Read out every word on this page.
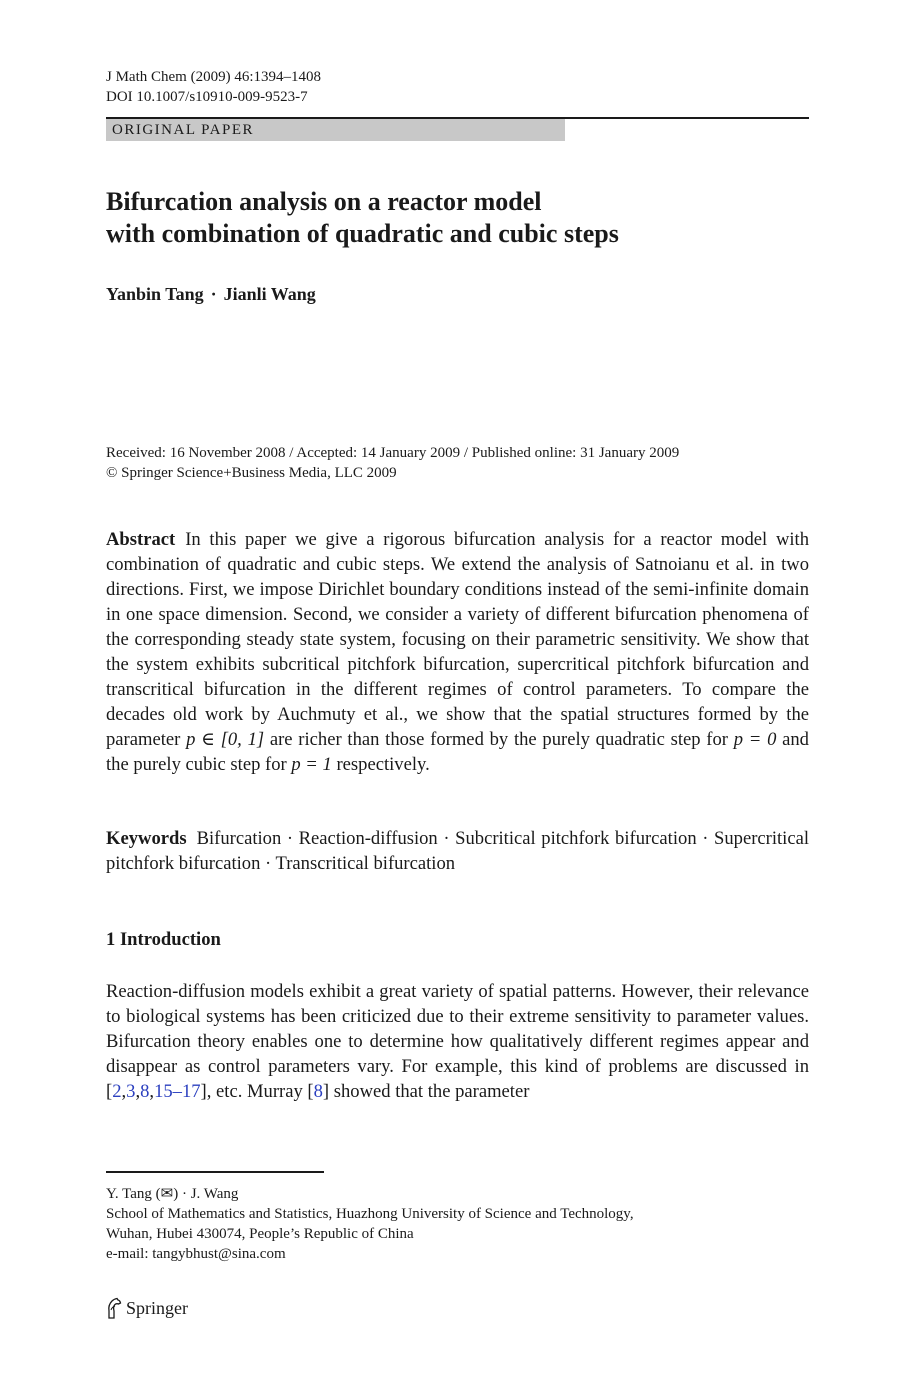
J Math Chem (2009) 46:1394–1408
DOI 10.1007/s10910-009-9523-7
ORIGINAL PAPER
Bifurcation analysis on a reactor model
with combination of quadratic and cubic steps
Yanbin Tang · Jianli Wang
Received: 16 November 2008 / Accepted: 14 January 2009 / Published online: 31 January 2009
© Springer Science+Business Media, LLC 2009
Abstract In this paper we give a rigorous bifurcation analysis for a reactor model with combination of quadratic and cubic steps. We extend the analysis of Satnoianu et al. in two directions. First, we impose Dirichlet boundary conditions instead of the semi-infinite domain in one space dimension. Second, we consider a variety of different bifurcation phenomena of the corresponding steady state system, focusing on their parametric sensitivity. We show that the system exhibits subcritical pitchfork bifurcation, supercritical pitchfork bifurcation and transcritical bifurcation in the different regimes of control parameters. To compare the decades old work by Auchmuty et al., we show that the spatial structures formed by the parameter p ∈ [0, 1] are richer than those formed by the purely quadratic step for p = 0 and the purely cubic step for p = 1 respectively.
Keywords Bifurcation · Reaction-diffusion · Subcritical pitchfork bifurcation · Supercritical pitchfork bifurcation · Transcritical bifurcation
1 Introduction
Reaction-diffusion models exhibit a great variety of spatial patterns. However, their relevance to biological systems has been criticized due to their extreme sensitivity to parameter values. Bifurcation theory enables one to determine how qualitatively different regimes appear and disappear as control parameters vary. For example, this kind of problems are discussed in [2,3,8,15–17], etc. Murray [8] showed that the parameter
Y. Tang (✉) · J. Wang
School of Mathematics and Statistics, Huazhong University of Science and Technology,
Wuhan, Hubei 430074, People’s Republic of China
e-mail: tangybhust@sina.com
Springer
